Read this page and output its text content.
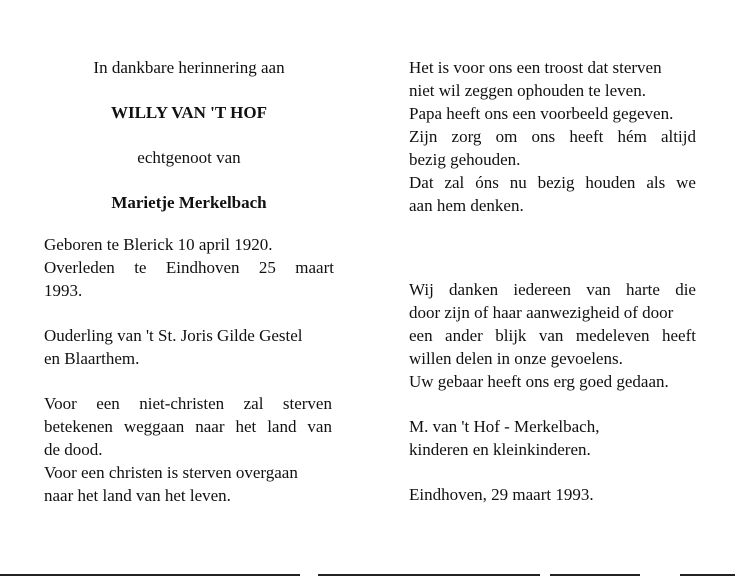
In dankbare herinnering aan
WILLY VAN 'T HOF
echtgenoot van
Marietje Merkelbach
Geboren te Blerick 10 april 1920.
Overleden te Eindhoven 25 maart
1993.
Ouderling van 't St. Joris Gilde Gestel
en Blaarthem.
Voor een niet-christen zal sterven
betekenen weggaan naar het land van
de dood.
Voor een christen is sterven overgaan
naar het land van het leven.
Het is voor ons een troost dat sterven
niet wil zeggen ophouden te leven.
Papa heeft ons een voorbeeld gegeven.
Zijn zorg om ons heeft hém altijd
bezig gehouden.
Dat zal óns nu bezig houden als we
aan hem denken.
Wij danken iedereen van harte die
door zijn of haar aanwezigheid of door
een ander blijk van medeleven heeft
willen delen in onze gevoelens.
Uw gebaar heeft ons erg goed gedaan.
M. van 't Hof - Merkelbach,
kinderen en kleinkinderen.
Eindhoven, 29 maart 1993.
